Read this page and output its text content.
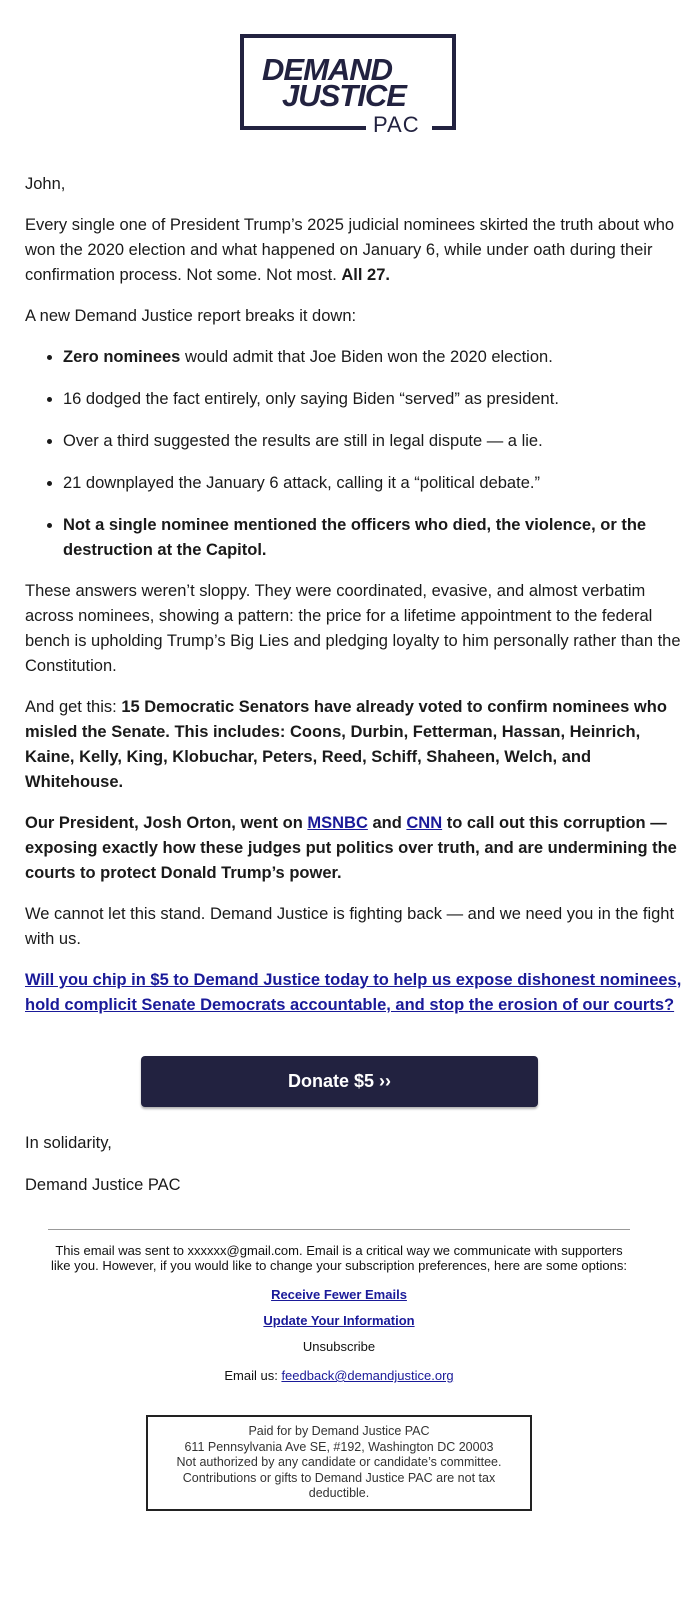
DEMAND
JUSTICE
PAC

John,

Every single one of President Trump’s 2025 judicial nominees skirted the truth about who won the 2020 election and what happened on January 6, while under oath during their confirmation process. Not some. Not most. All 27.

A new Demand Justice report breaks it down:

• Zero nominees would admit that Joe Biden won the 2020 election.
• 16 dodged the fact entirely, only saying Biden “served” as president.
• Over a third suggested the results are still in legal dispute — a lie.
• 21 downplayed the January 6 attack, calling it a “political debate.”
• Not a single nominee mentioned the officers who died, the violence, or the destruction at the Capitol.

These answers weren’t sloppy. They were coordinated, evasive, and almost verbatim across nominees, showing a pattern: the price for a lifetime appointment to the federal bench is upholding Trump’s Big Lies and pledging loyalty to him personally rather than the Constitution.

And get this: 15 Democratic Senators have already voted to confirm nominees who misled the Senate. This includes: Coons, Durbin, Fetterman, Hassan, Heinrich, Kaine, Kelly, King, Klobuchar, Peters, Reed, Schiff, Shaheen, Welch, and Whitehouse.

Our President, Josh Orton, went on MSNBC and CNN to call out this corruption — exposing exactly how these judges put politics over truth, and are undermining the courts to protect Donald Trump’s power.

We cannot let this stand. Demand Justice is fighting back — and we need you in the fight with us.

Will you chip in $5 to Demand Justice today to help us expose dishonest nominees, hold complicit Senate Democrats accountable, and stop the erosion of our courts?

Donate $5 ››

In solidarity,

Demand Justice PAC

This email was sent to xxxxxx@gmail.com. Email is a critical way we communicate with supporters like you. However, if you would like to change your subscription preferences, here are some options:

Receive Fewer Emails
Update Your Information

Unsubscribe

Email us: feedback@demandjustice.org

Paid for by Demand Justice PAC

611 Pennsylvania Ave SE, #192, Washington DC 20003

Not authorized by any candidate or candidate’s committee.

Contributions or gifts to Demand Justice PAC are not tax deductible.
